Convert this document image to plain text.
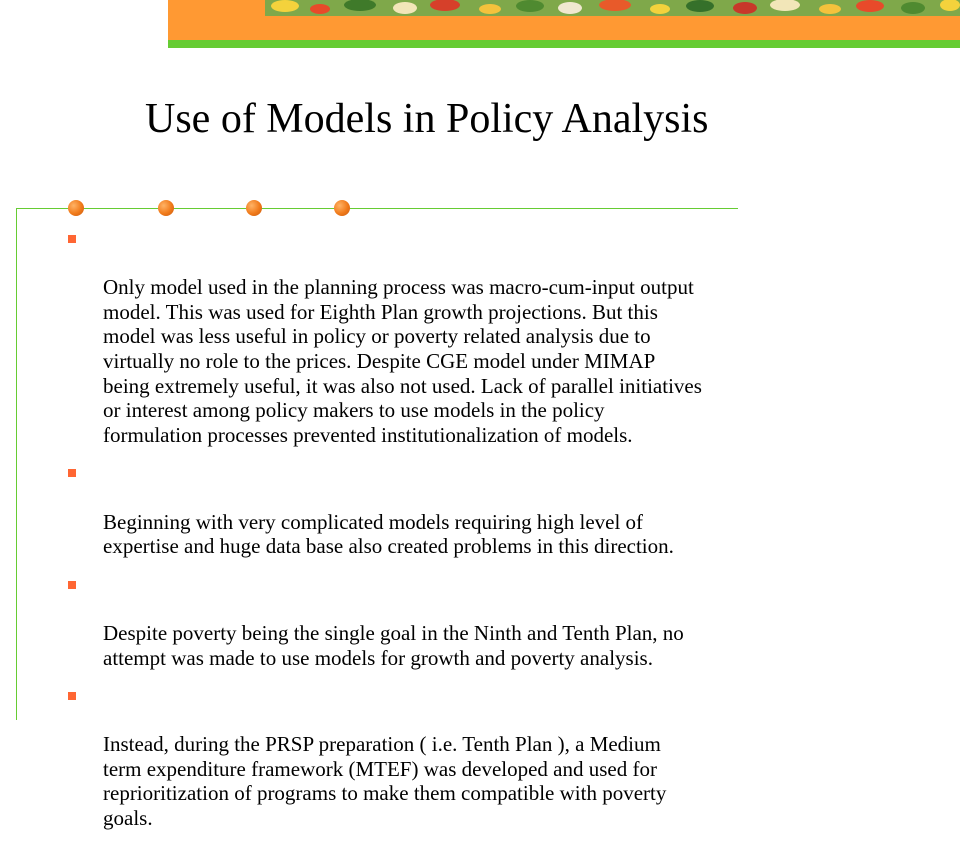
Use of Models in Policy Analysis

Only model used in the planning process was macro-cum-input output
model. This was used for Eighth Plan growth projections. But this
model was less useful in policy or poverty related analysis due to
virtually no role to the prices. Despite CGE model under MIMAP
being extremely useful, it was also not used. Lack of parallel initiatives
or interest among policy makers to use models in the policy
formulation processes prevented institutionalization of models.

Beginning with very complicated models requiring high level of
expertise and huge data base also created problems in this direction.

Despite poverty being the single goal in the Ninth and Tenth Plan, no
attempt was made to use models for growth and poverty analysis.

Instead, during the PRSP preparation ( i.e. Tenth Plan ), a Medium
term expenditure framework (MTEF) was developed and used for
reprioritization of programs to make them compatible with poverty
goals.
